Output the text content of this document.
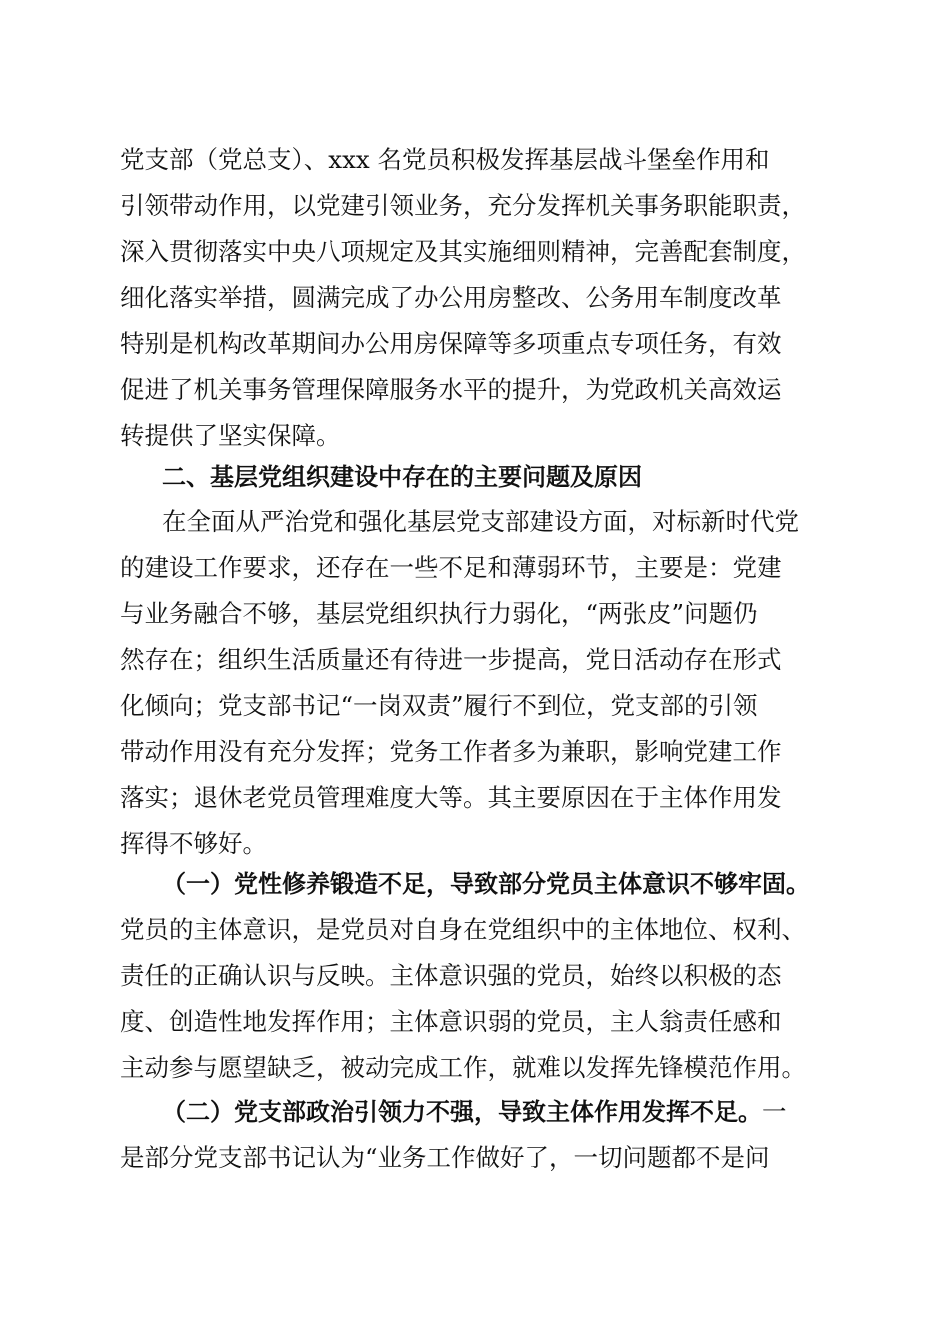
党支部（党总支）、xxx 名党员积极发挥基层战斗堡垒作用和
引领带动作用，以党建引领业务，充分发挥机关事务职能职责，
深入贯彻落实中央八项规定及其实施细则精神，完善配套制度，
细化落实举措，圆满完成了办公用房整改、公务用车制度改革
特别是机构改革期间办公用房保障等多项重点专项任务，有效
促进了机关事务管理保障服务水平的提升，为党政机关高效运
转提供了坚实保障。
二、基层党组织建设中存在的主要问题及原因
在全面从严治党和强化基层党支部建设方面，对标新时代党
的建设工作要求，还存在一些不足和薄弱环节，主要是：党建
与业务融合不够，基层党组织执行力弱化，“两张皮”问题仍
然存在；组织生活质量还有待进一步提高，党日活动存在形式
化倾向；党支部书记“一岗双责”履行不到位，党支部的引领
带动作用没有充分发挥；党务工作者多为兼职，影响党建工作
落实；退休老党员管理难度大等。其主要原因在于主体作用发
挥得不够好。
（一）党性修养锻造不足，导致部分党员主体意识不够牢固。
党员的主体意识，是党员对自身在党组织中的主体地位、权利、
责任的正确认识与反映。主体意识强的党员，始终以积极的态
度、创造性地发挥作用；主体意识弱的党员，主人翁责任感和
主动参与愿望缺乏，被动完成工作，就难以发挥先锋模范作用。
（二）党支部政治引领力不强，导致主体作用发挥不足。一
是部分党支部书记认为“业务工作做好了，一切问题都不是问
